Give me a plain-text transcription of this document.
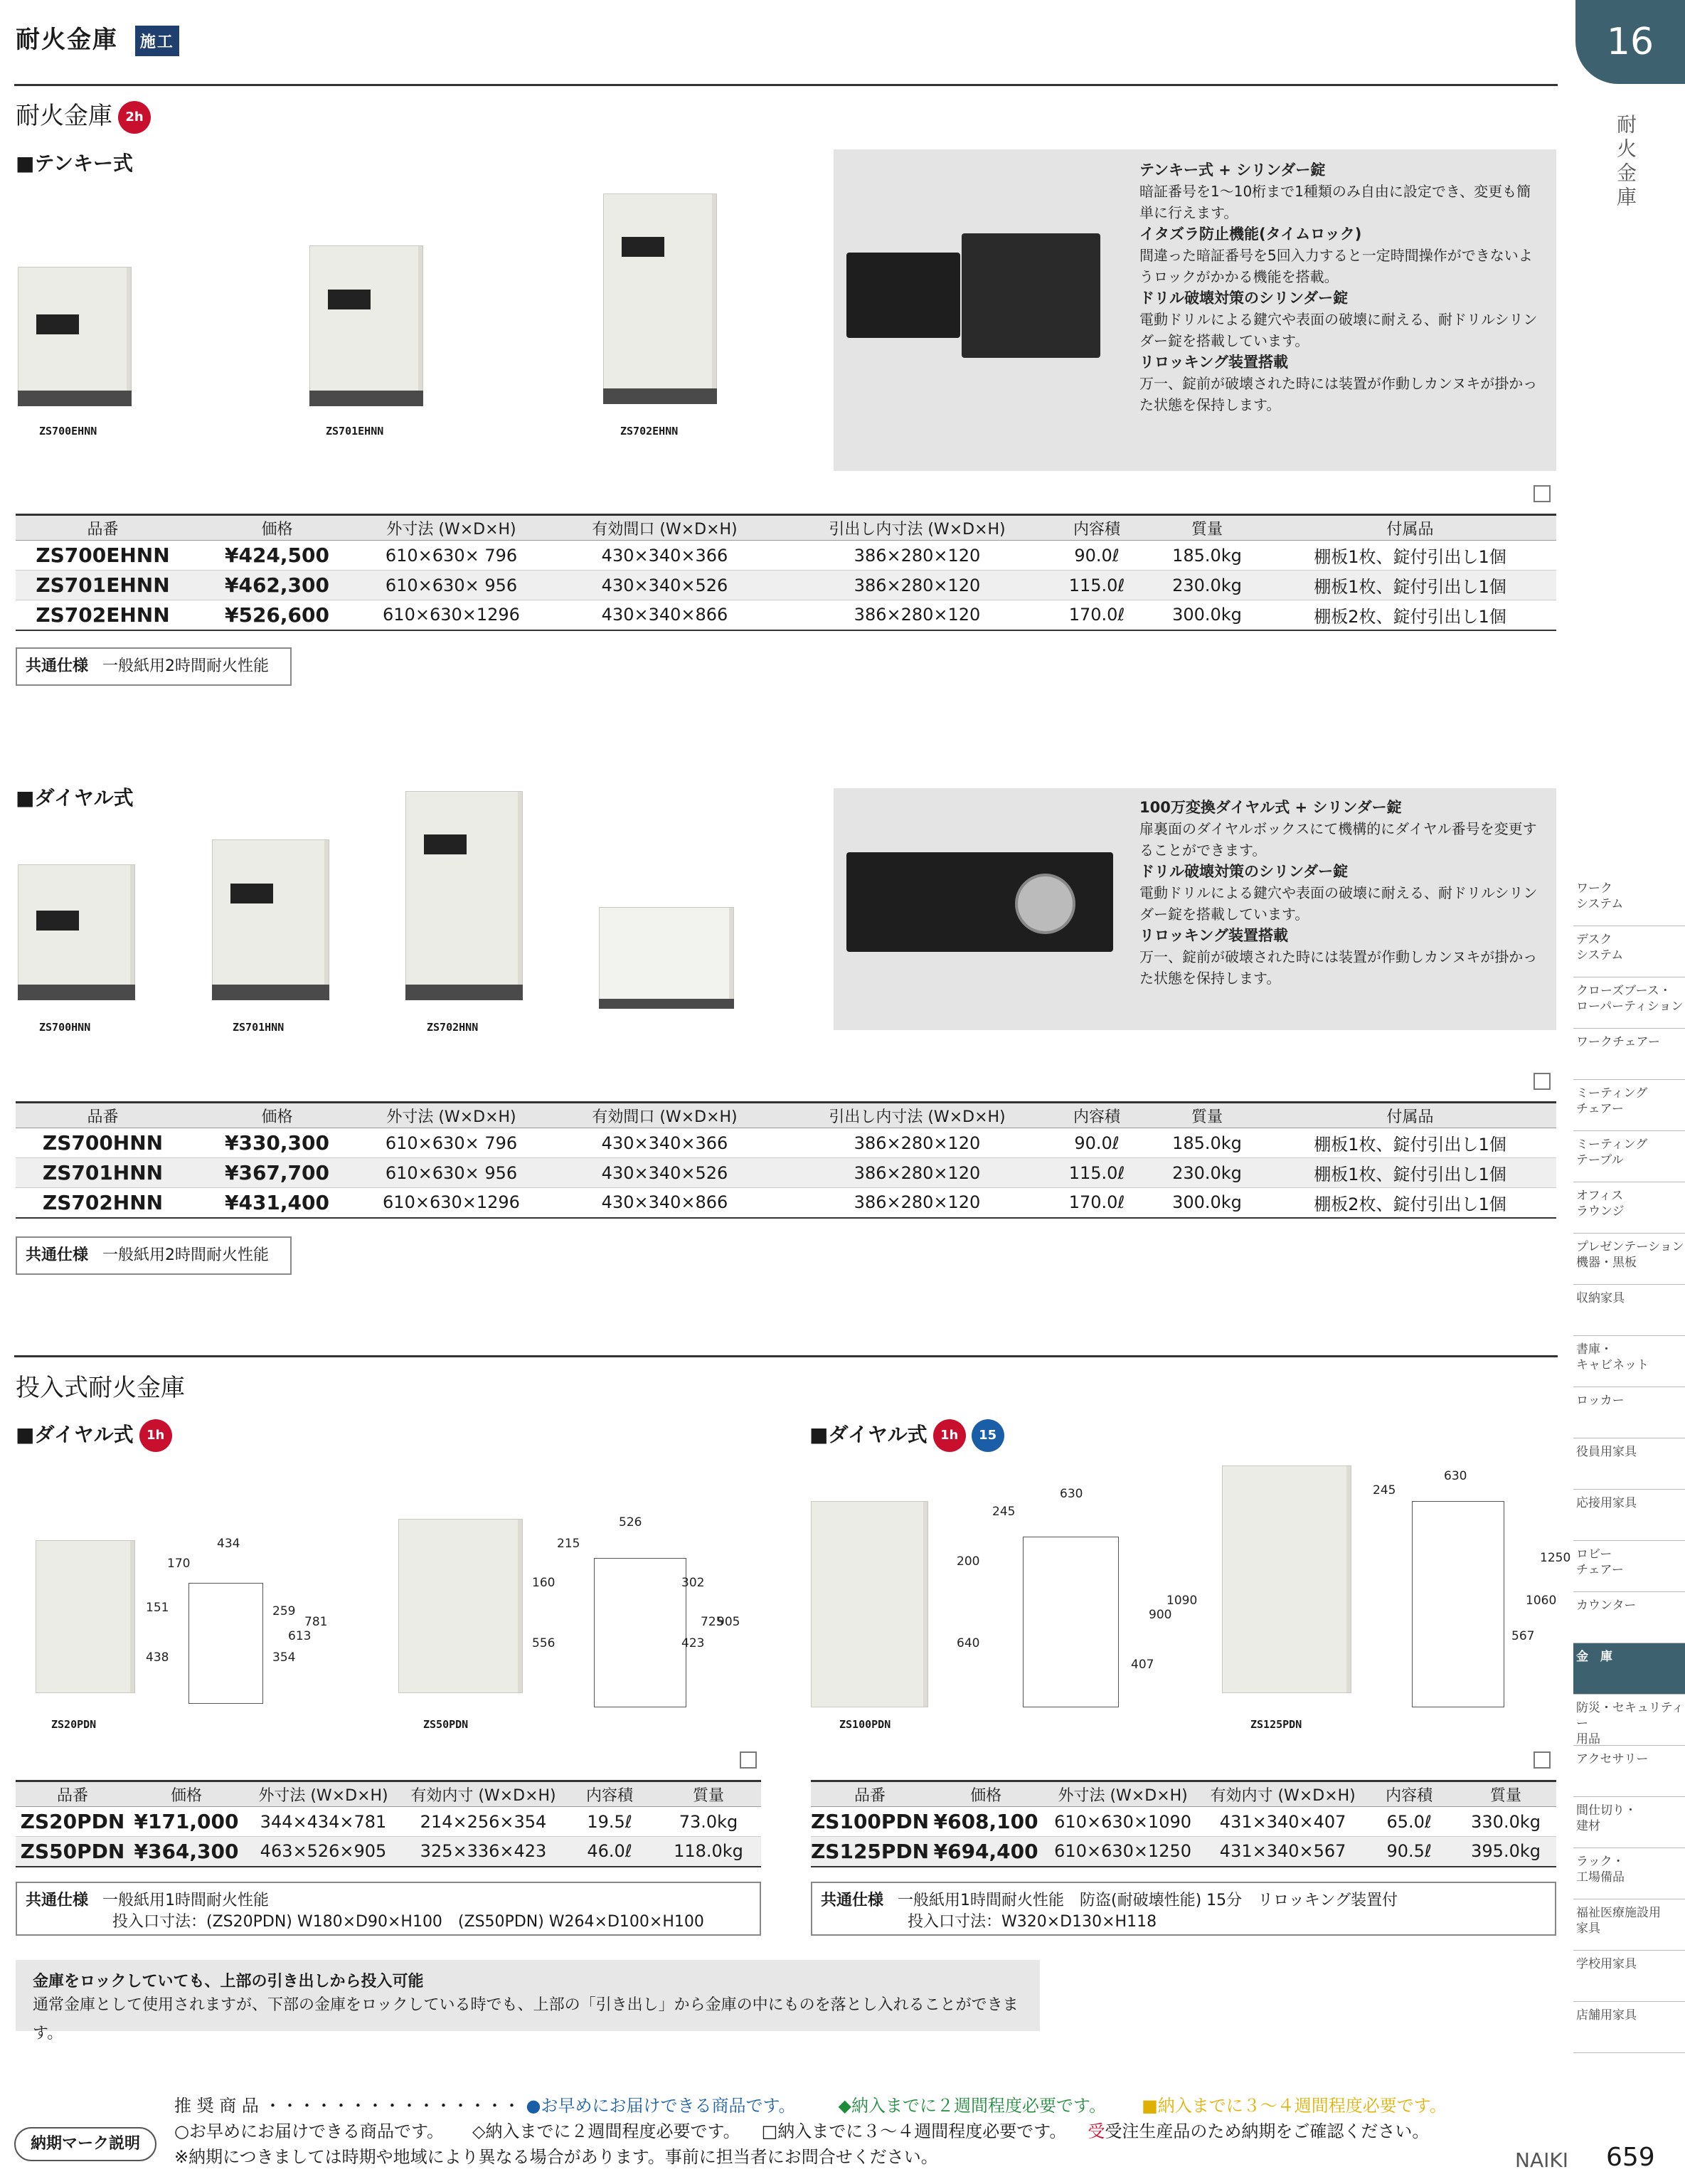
耐火金庫 施工	16
耐火金庫
耐火金庫 2h
■テンキー式
ZS700EHNN	ZS701EHNN	ZS702EHNN
テンキー式 + シリンダー錠
暗証番号を1～10桁まで1種類のみ自由に設定でき、変更も簡単に行えます。
イタズラ防止機能(タイムロック)
間違った暗証番号を5回入力すると一定時間操作ができないようロックがかかる機能を搭載。
ドリル破壊対策のシリンダー錠
電動ドリルによる鍵穴や表面の破壊に耐える、耐ドリルシリンダー錠を搭載しています。
リロッキング装置搭載
万一、錠前が破壊された時には装置が作動しカンヌキが掛かった状態を保持します。
品番	価格	外寸法 (W×D×H)	有効間口 (W×D×H)	引出し内寸法 (W×D×H)	内容積	質量	付属品
ZS700EHNN	¥424,500	610×630× 796	430×340×366	386×280×120	90.0ℓ	185.0kg	棚板1枚、錠付引出し1個
ZS701EHNN	¥462,300	610×630× 956	430×340×526	386×280×120	115.0ℓ	230.0kg	棚板1枚、錠付引出し1個
ZS702EHNN	¥526,600	610×630×1296	430×340×866	386×280×120	170.0ℓ	300.0kg	棚板2枚、錠付引出し1個
共通仕様 一般紙用2時間耐火性能
■ダイヤル式
ZS700HNN	ZS701HNN	ZS702HNN
100万変換ダイヤル式 + シリンダー錠
扉裏面のダイヤルボックスにて機構的にダイヤル番号を変更することができます。
ドリル破壊対策のシリンダー錠
電動ドリルによる鍵穴や表面の破壊に耐える、耐ドリルシリンダー錠を搭載しています。
リロッキング装置搭載
万一、錠前が破壊された時には装置が作動しカンヌキが掛かった状態を保持します。
品番	価格	外寸法 (W×D×H)	有効間口 (W×D×H)	引出し内寸法 (W×D×H)	内容積	質量	付属品
ZS700HNN	¥330,300	610×630× 796	430×340×366	386×280×120	90.0ℓ	185.0kg	棚板1枚、錠付引出し1個
ZS701HNN	¥367,700	610×630× 956	430×340×526	386×280×120	115.0ℓ	230.0kg	棚板1枚、錠付引出し1個
ZS702HNN	¥431,400	610×630×1296	430×340×866	386×280×120	170.0ℓ	300.0kg	棚板2枚、錠付引出し1個
共通仕様 一般紙用2時間耐火性能
投入式耐火金庫
■ダイヤル式 1h	■ダイヤル式 1h 15
ZS20PDN	ZS50PDN	ZS100PDN	ZS125PDN
434
170
151	259
438	354
613
781
526
215
160	302
556	423
725
905
630
245
200
640
407
900
1090
630
245
567
1060
1250
品番	価格	外寸法 (W×D×H)	有効内寸 (W×D×H)	内容積	質量
ZS20PDN	¥171,000	344×434×781	214×256×354	19.5ℓ	73.0kg
ZS50PDN	¥364,300	463×526×905	325×336×423	46.0ℓ	118.0kg
品番	価格	外寸法 (W×D×H)	有効内寸 (W×D×H)	内容積	質量
ZS100PDN	¥608,100	610×630×1090	431×340×407	65.0ℓ	330.0kg
ZS125PDN	¥694,400	610×630×1250	431×340×567	90.5ℓ	395.0kg
共通仕様 一般紙用1時間耐火性能
投入口寸法：(ZS20PDN) W180×D90×H100　(ZS50PDN) W264×D100×H100
共通仕様 一般紙用1時間耐火性能　防盗(耐破壊性能) 15分　リロッキング装置付
投入口寸法：W320×D130×H118
金庫をロックしていても、上部の引き出しから投入可能
通常金庫として使用されますが、下部の金庫をロックしている時でも、上部の「引き出し」から金庫の中にものを落とし入れることができます。
ワーク
システム
デスク
システム
クローズブース・
ローパーティション
ワークチェアー
ミーティング
チェアー
ミーティング
テーブル
オフィス
ラウンジ
プレゼンテーション
機器・黒板
収納家具
書庫・
キャビネット
ロッカー
役員用家具
応接用家具
ロビー
チェアー
カウンター
金　庫
防災・セキュリティー
用品
アクセサリー
間仕切り・
建材
ラック・
工場備品
福祉医療施設用
家具
学校用家具
店舗用家具
納期マーク説明
推 奨 商 品 ・・・・・・・・・・・・・・・ ●お早めにお届けできる商品です。	◆納入までに２週間程度必要です。 ■納入までに３～４週間程度必要です。
○お早めにお届けできる商品です。 ◇納入までに２週間程度必要です。 □納入までに３～４週間程度必要です。 受受注生産品のため納期をご確認ください。
※納期につきましては時期や地域により異なる場合があります。事前に担当者にお問合せください。	NAIKI 659
